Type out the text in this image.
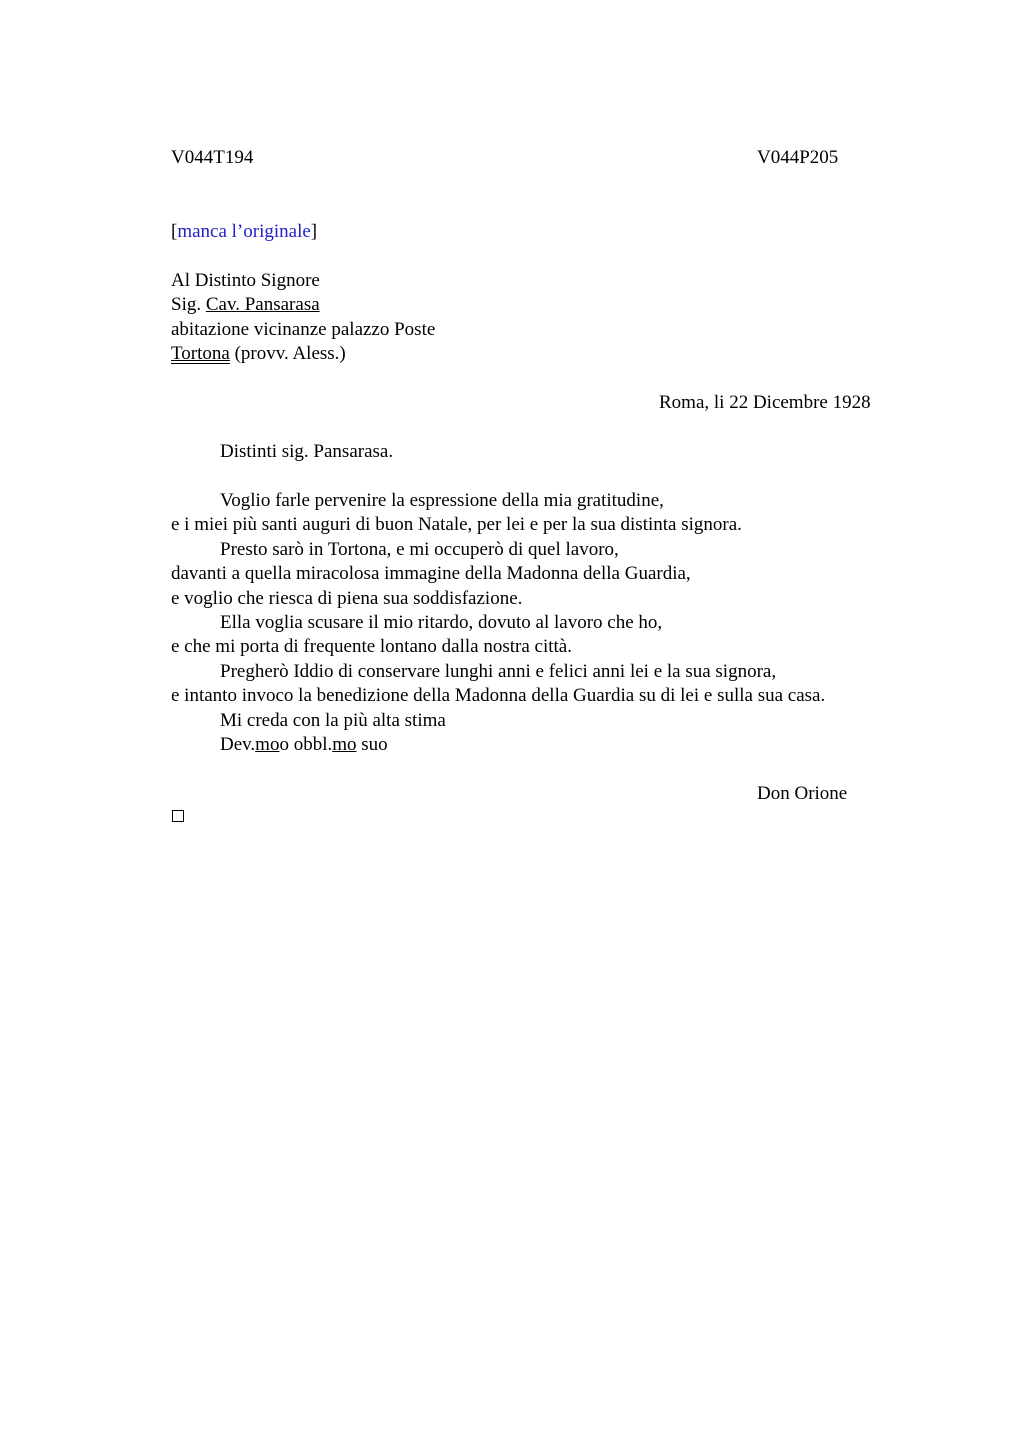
V044T194	V044P205
[manca l’originale]
Al Distinto Signore
Sig. Cav. Pansarasa
abitazione vicinanze palazzo Poste
Tortona (provv. Aless.)
Roma, li 22 Dicembre 1928
Distinti sig. Pansarasa.
Voglio farle pervenire la espressione della mia gratitudine,
e i miei più santi auguri di buon Natale, per lei e per la sua distinta signora.
Presto sarò in Tortona, e mi occuperò di quel lavoro,
davanti a quella miracolosa immagine della Madonna della Guardia,
e voglio che riesca di piena sua soddisfazione.
Ella voglia scusare il mio ritardo, dovuto al lavoro che ho,
e che mi porta di frequente lontano dalla nostra città.
Pregherò Iddio di conservare lunghi anni e felici anni lei e la sua signora,
e intanto invoco la benedizione della Madonna della Guardia su di lei e sulla sua casa.
Mi creda con la più alta stima
Dev.moo obbl.mo suo
Don Orione
